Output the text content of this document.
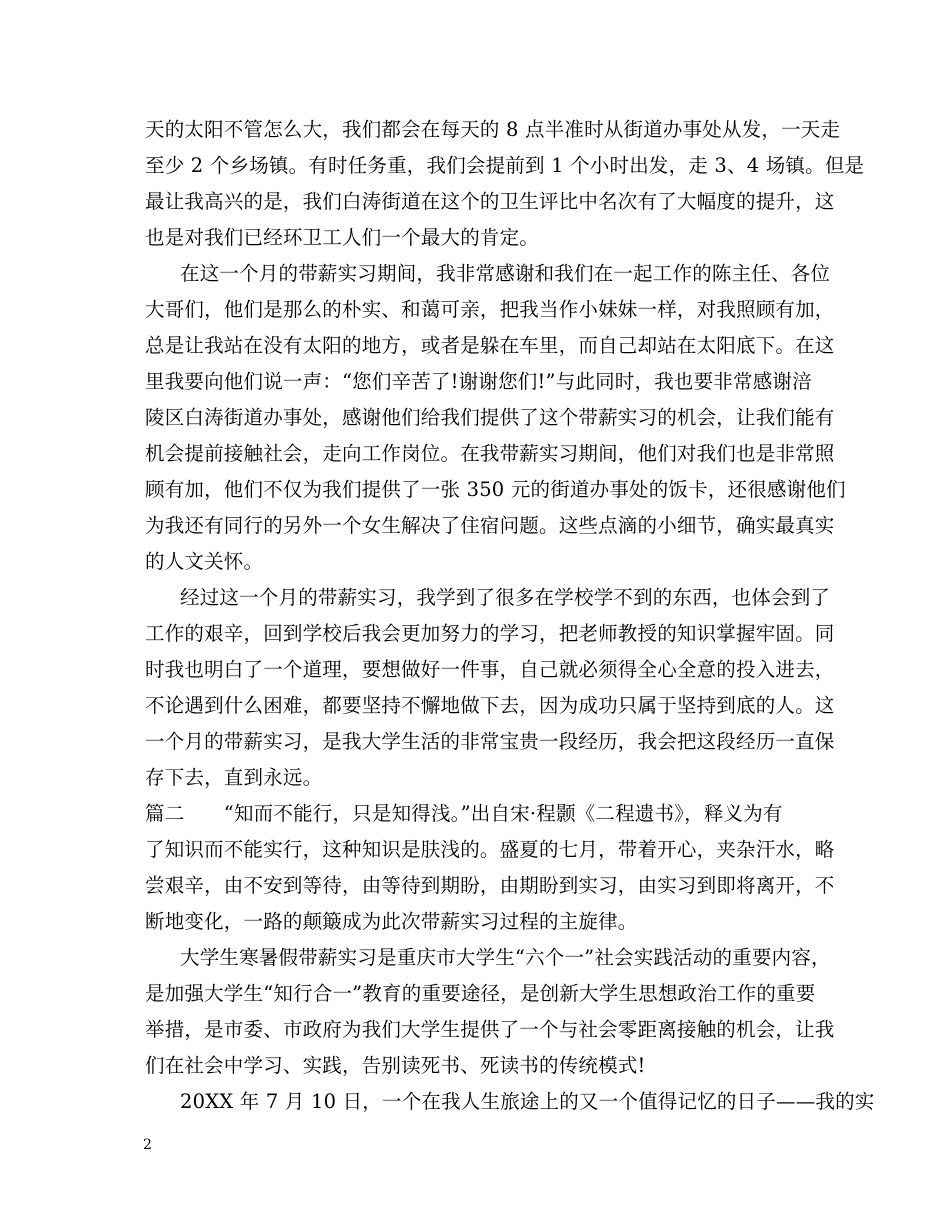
天的太阳不管怎么大，我们都会在每天的 8 点半准时从街道办事处从发，一天走
至少 2 个乡场镇。有时任务重，我们会提前到 1 个小时出发，走 3、4 场镇。但是
最让我高兴的是，我们白涛街道在这个的卫生评比中名次有了大幅度的提升，这
也是对我们已经环卫工人们一个最大的肯定。
在这一个月的带薪实习期间，我非常感谢和我们在一起工作的陈主任、各位
大哥们，他们是那么的朴实、和蔼可亲，把我当作小妹妹一样，对我照顾有加，
总是让我站在没有太阳的地方，或者是躲在车里，而自己却站在太阳底下。在这
里我要向他们说一声：“您们辛苦了!谢谢您们!”与此同时，我也要非常感谢涪
陵区白涛街道办事处，感谢他们给我们提供了这个带薪实习的机会，让我们能有
机会提前接触社会，走向工作岗位。在我带薪实习期间，他们对我们也是非常照
顾有加，他们不仅为我们提供了一张 350 元的街道办事处的饭卡，还很感谢他们
为我还有同行的另外一个女生解决了住宿问题。这些点滴的小细节，确实最真实
的人文关怀。
经过这一个月的带薪实习，我学到了很多在学校学不到的东西，也体会到了
工作的艰辛，回到学校后我会更加努力的学习，把老师教授的知识掌握牢固。同
时我也明白了一个道理，要想做好一件事，自己就必须得全心全意的投入进去，
不论遇到什么困难，都要坚持不懈地做下去，因为成功只属于坚持到底的人。这
一个月的带薪实习，是我大学生活的非常宝贵一段经历，我会把这段经历一直保
存下去，直到永远。
篇二　　“知而不能行，只是知得浅。”出自宋·程颢《二程遗书》，释义为有
了知识而不能实行，这种知识是肤浅的。盛夏的七月，带着开心，夹杂汗水，略
尝艰辛，由不安到等待，由等待到期盼，由期盼到实习，由实习到即将离开，不
断地变化，一路的颠簸成为此次带薪实习过程的主旋律。
大学生寒暑假带薪实习是重庆市大学生“六个一”社会实践活动的重要内容，
是加强大学生“知行合一”教育的重要途径，是创新大学生思想政治工作的重要
举措，是市委、市政府为我们大学生提供了一个与社会零距离接触的机会，让我
们在社会中学习、实践，告别读死书、死读书的传统模式!
20XX 年 7 月 10 日，一个在我人生旅途上的又一个值得记忆的日子——我的实
2
